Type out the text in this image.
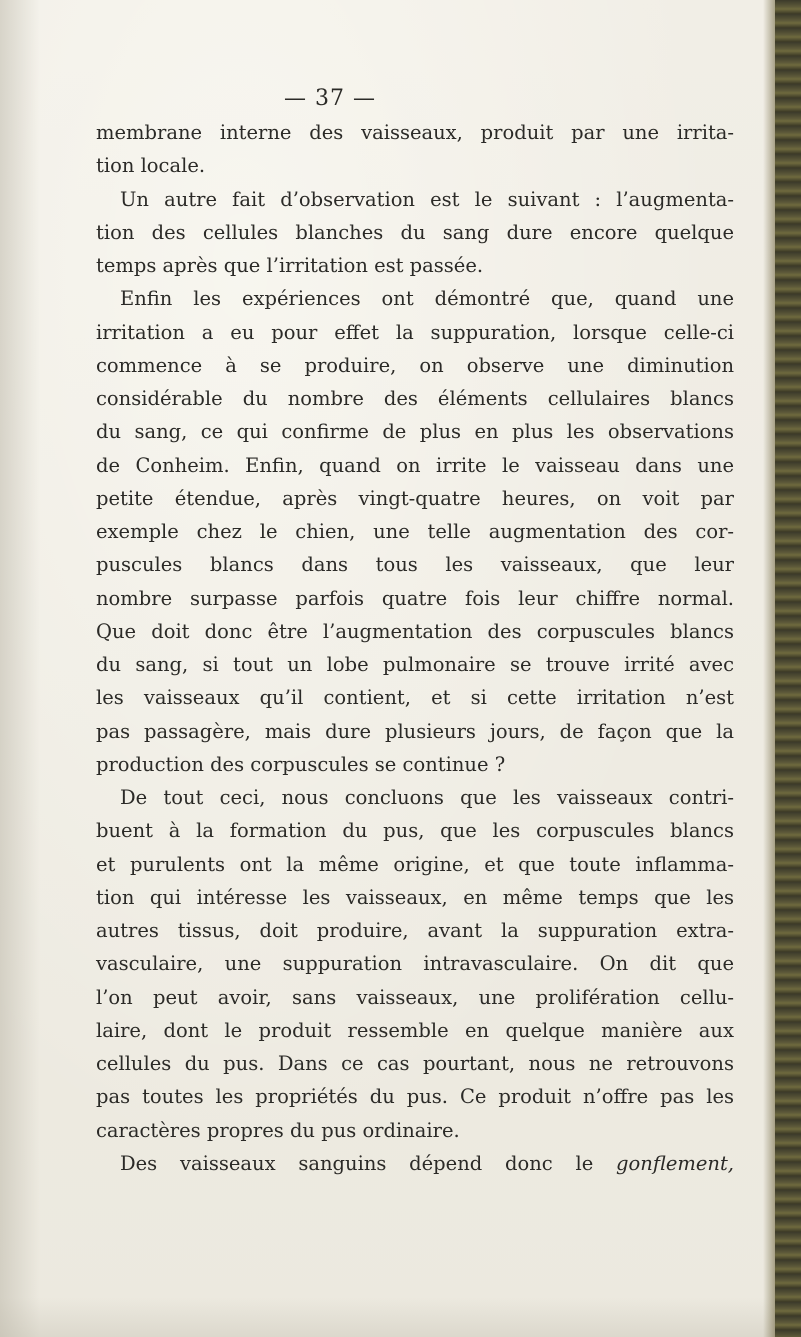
— 37 —
membrane interne des vaisseaux, produit par une irrita-
tion locale.
Un autre fait d’observation est le suivant : l’augmenta-
tion des cellules blanches du sang dure encore quelque
temps après que l’irritation est passée.
Enfin les expériences ont démontré que, quand une
irritation a eu pour effet la suppuration, lorsque celle-ci
commence à se produire, on observe une diminution
considérable du nombre des éléments cellulaires blancs
du sang, ce qui confirme de plus en plus les observations
de Conheim. Enfin, quand on irrite le vaisseau dans une
petite étendue, après vingt-quatre heures, on voit par
exemple chez le chien, une telle augmentation des cor-
puscules blancs dans tous les vaisseaux, que leur
nombre surpasse parfois quatre fois leur chiffre normal.
Que doit donc être l’augmentation des corpuscules blancs
du sang, si tout un lobe pulmonaire se trouve irrité avec
les vaisseaux qu’il contient, et si cette irritation n’est
pas passagère, mais dure plusieurs jours, de façon que la
production des corpuscules se continue ?
De tout ceci, nous concluons que les vaisseaux contri-
buent à la formation du pus, que les corpuscules blancs
et purulents ont la même origine, et que toute inflamma-
tion qui intéresse les vaisseaux, en même temps que les
autres tissus, doit produire, avant la suppuration extra-
vasculaire, une suppuration intravasculaire. On dit que
l’on peut avoir, sans vaisseaux, une prolifération cellu-
laire, dont le produit ressemble en quelque manière aux
cellules du pus. Dans ce cas pourtant, nous ne retrouvons
pas toutes les propriétés du pus. Ce produit n’offre pas les
caractères propres du pus ordinaire.
Des vaisseaux sanguins dépend donc le gonflement,
